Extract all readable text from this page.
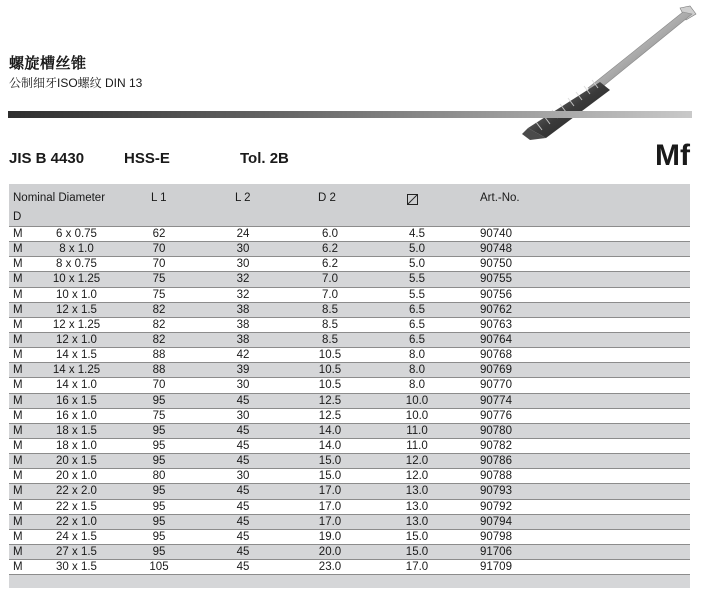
螺旋槽丝锥
公制细牙ISO螺纹 DIN 13
JIS B 4430	HSS-E	Tol. 2B	Mf
Nominal Diameter
D
L 1	L 2	D 2	Art.-No.
M	6 x 0.75	62	24	6.0	4.5	90740
M	8 x 1.0	70	30	6.2	5.0	90748
M	8 x 0.75	70	30	6.2	5.0	90750
M	10 x 1.25	75	32	7.0	5.5	90755
M	10 x 1.0	75	32	7.0	5.5	90756
M	12 x 1.5	82	38	8.5	6.5	90762
M	12 x 1.25	82	38	8.5	6.5	90763
M	12 x 1.0	82	38	8.5	6.5	90764
M	14 x 1.5	88	42	10.5	8.0	90768
M	14 x 1.25	88	39	10.5	8.0	90769
M	14 x 1.0	70	30	10.5	8.0	90770
M	16 x 1.5	95	45	12.5	10.0	90774
M	16 x 1.0	75	30	12.5	10.0	90776
M	18 x 1.5	95	45	14.0	11.0	90780
M	18 x 1.0	95	45	14.0	11.0	90782
M	20 x 1.5	95	45	15.0	12.0	90786
M	20 x 1.0	80	30	15.0	12.0	90788
M	22 x 2.0	95	45	17.0	13.0	90793
M	22 x 1.5	95	45	17.0	13.0	90792
M	22 x 1.0	95	45	17.0	13.0	90794
M	24 x 1.5	95	45	19.0	15.0	90798
M	27 x 1.5	95	45	20.0	15.0	91706
M	30 x 1.5	105	45	23.0	17.0	91709
